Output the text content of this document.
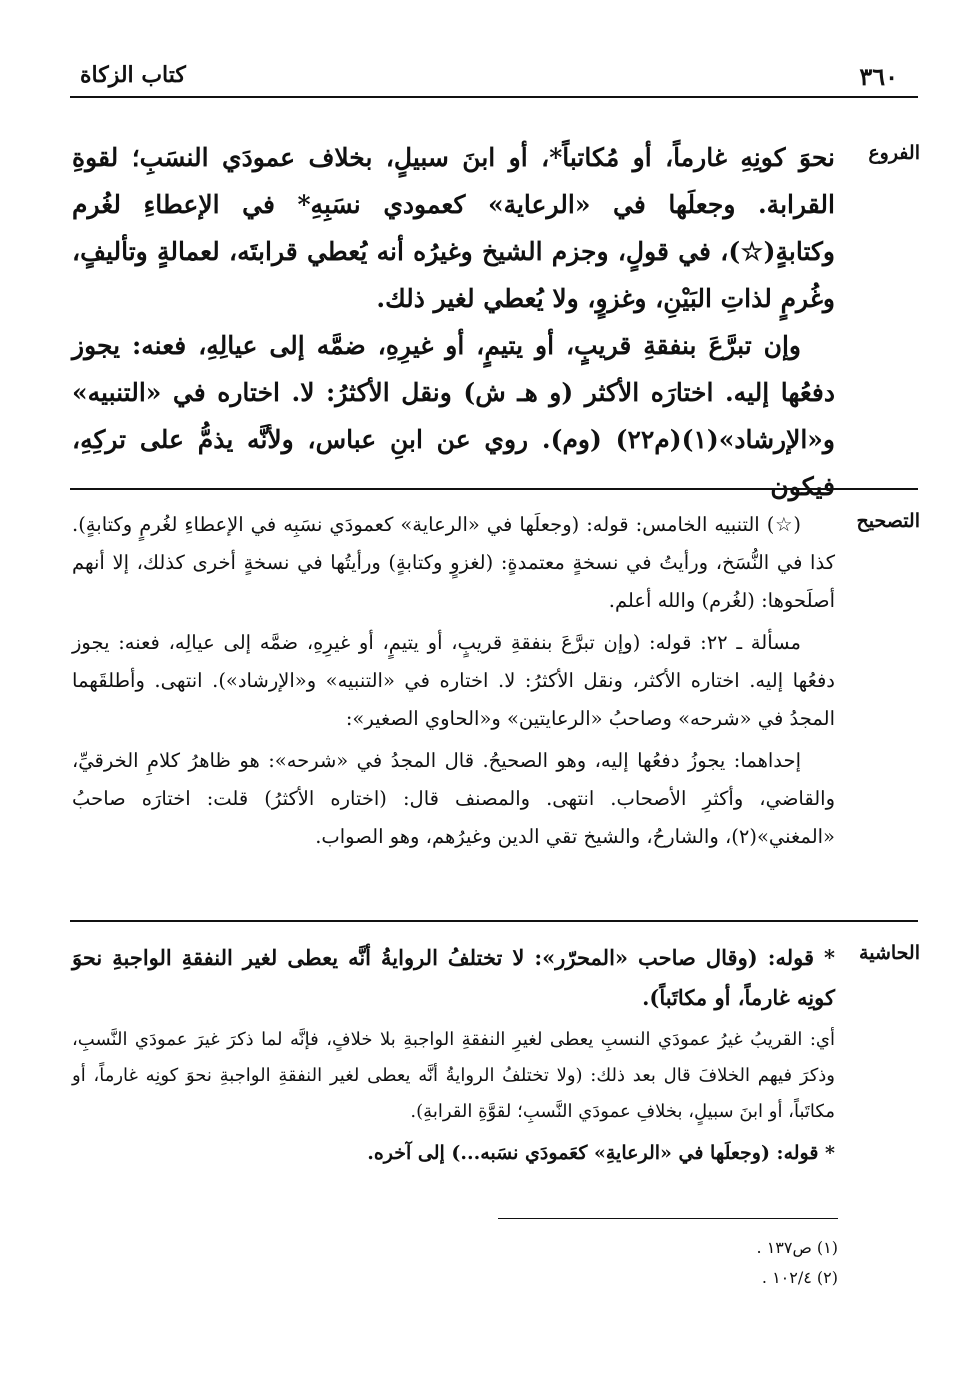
٣٦٠
كتاب الزكاة
الفروع

نحوَ كونِهِ غارماً، أو مُكاتباً*، أو ابنَ سبيلٍ، بخلاف عمودَي النسَبِ؛ لقوةِ القرابة. وجعلَها في «الرعاية» كعمودي نسَبِهِ* في الإعطاءِ لغُرم وكتابةٍ(☆)، في قولٍ، وجزم الشيخ وغيرُه أنه يُعطي قرابتَه، لعمالةٍ وتأليفٍ، وغُرمٍ لذاتِ البَيْنِ، وغزوٍ، ولا يُعطي لغير ذلك.

وإن تبرَّعَ بنفقةِ قريبٍ، أو يتيمٍ، أو غيرِهِ، ضمَّه إلى عيالِهِ، فعنه: يجوز دفعُها إليه. اختارَه الأكثر (و هـ ش) ونقل الأكثرُ: لا. اختاره في «التنبيه» و«الإرشاد»(١)(م٢٢) (وم). روي عن ابنِ عباس، ولأنَّه يذمُّ على تركِهِ، فيكون

التصحيح

(☆) التنبيه الخامس: قوله: (وجعلَها في «الرعاية» كعمودَي نسَبِه في الإعطاءِ لغُرمٍ وكتابةٍ). كذا في النُّسَخ، ورأيتُ في نسخةٍ معتمدةٍ: (لغزوٍ وكتابةٍ) ورأيتُها في نسخةٍ أخرى كذلك، إلا أنهم أصلَحوها: (لغُرم) والله أعلم.

مسألة ـ ٢٢: قوله: (وإن تبرَّعَ بنفقةِ قريبٍ، أو يتيمٍ، أو غيرِهِ، ضمَّه إلى عيالِه، فعنه: يجوز دفعُها إليه. اختاره الأكثر، ونقل الأكثرُ: لا. اختاره في «التنبيه» و«الإرشاد»). انتهى. وأطلقَهما المجدُ في «شرحه» وصاحبُ «الرعايتين» و«الحاوي الصغير»:

إحداهما: يجوزُ دفعُها إليه، وهو الصحيحُ. قال المجدُ في «شرحه»: هو ظاهرُ كلامِ الخرقيِّ، والقاضي، وأكثرِ الأصحاب. انتهى. والمصنف قال: (اختاره الأكثرُ) قلت: اختارَه صاحبُ «المغني»(٢)، والشارحُ، والشيخ تقي الدين وغيرُهم، وهو الصواب.

الحاشية

* قوله: (وقال صاحب «المحرّر»: لا تختلفُ الروايةُ أنَّه يعطى لغير النفقةِ الواجبةِ نحوَ كونِه غارماً، أو مكاتَباً).

أي: القريبُ غيرُ عمودَي النسبِ يعطى لغيرِ النفقةِ الواجبةِ بلا خلافٍ، فإنَّه لما ذكرَ غيرَ عمودَي النَّسبِ، وذكرَ فيهم الخلافَ قال بعد ذلك: (ولا تختلفُ الروايةُ أنَّه يعطى لغير النفقةِ الواجبةِ نحوَ كونِه غارماً، أو مكاتَباً، أو ابنَ سبيلٍ، بخلافِ عمودَي النَّسبِ؛ لقوَّةِ القرابةِ).

* قوله: (وجعلَها في «الرعايةِ» كعَمودَي نسَبه...) إلى آخره.

(١) ص١٣٧ .
(٢) ١٠٢/٤ .
